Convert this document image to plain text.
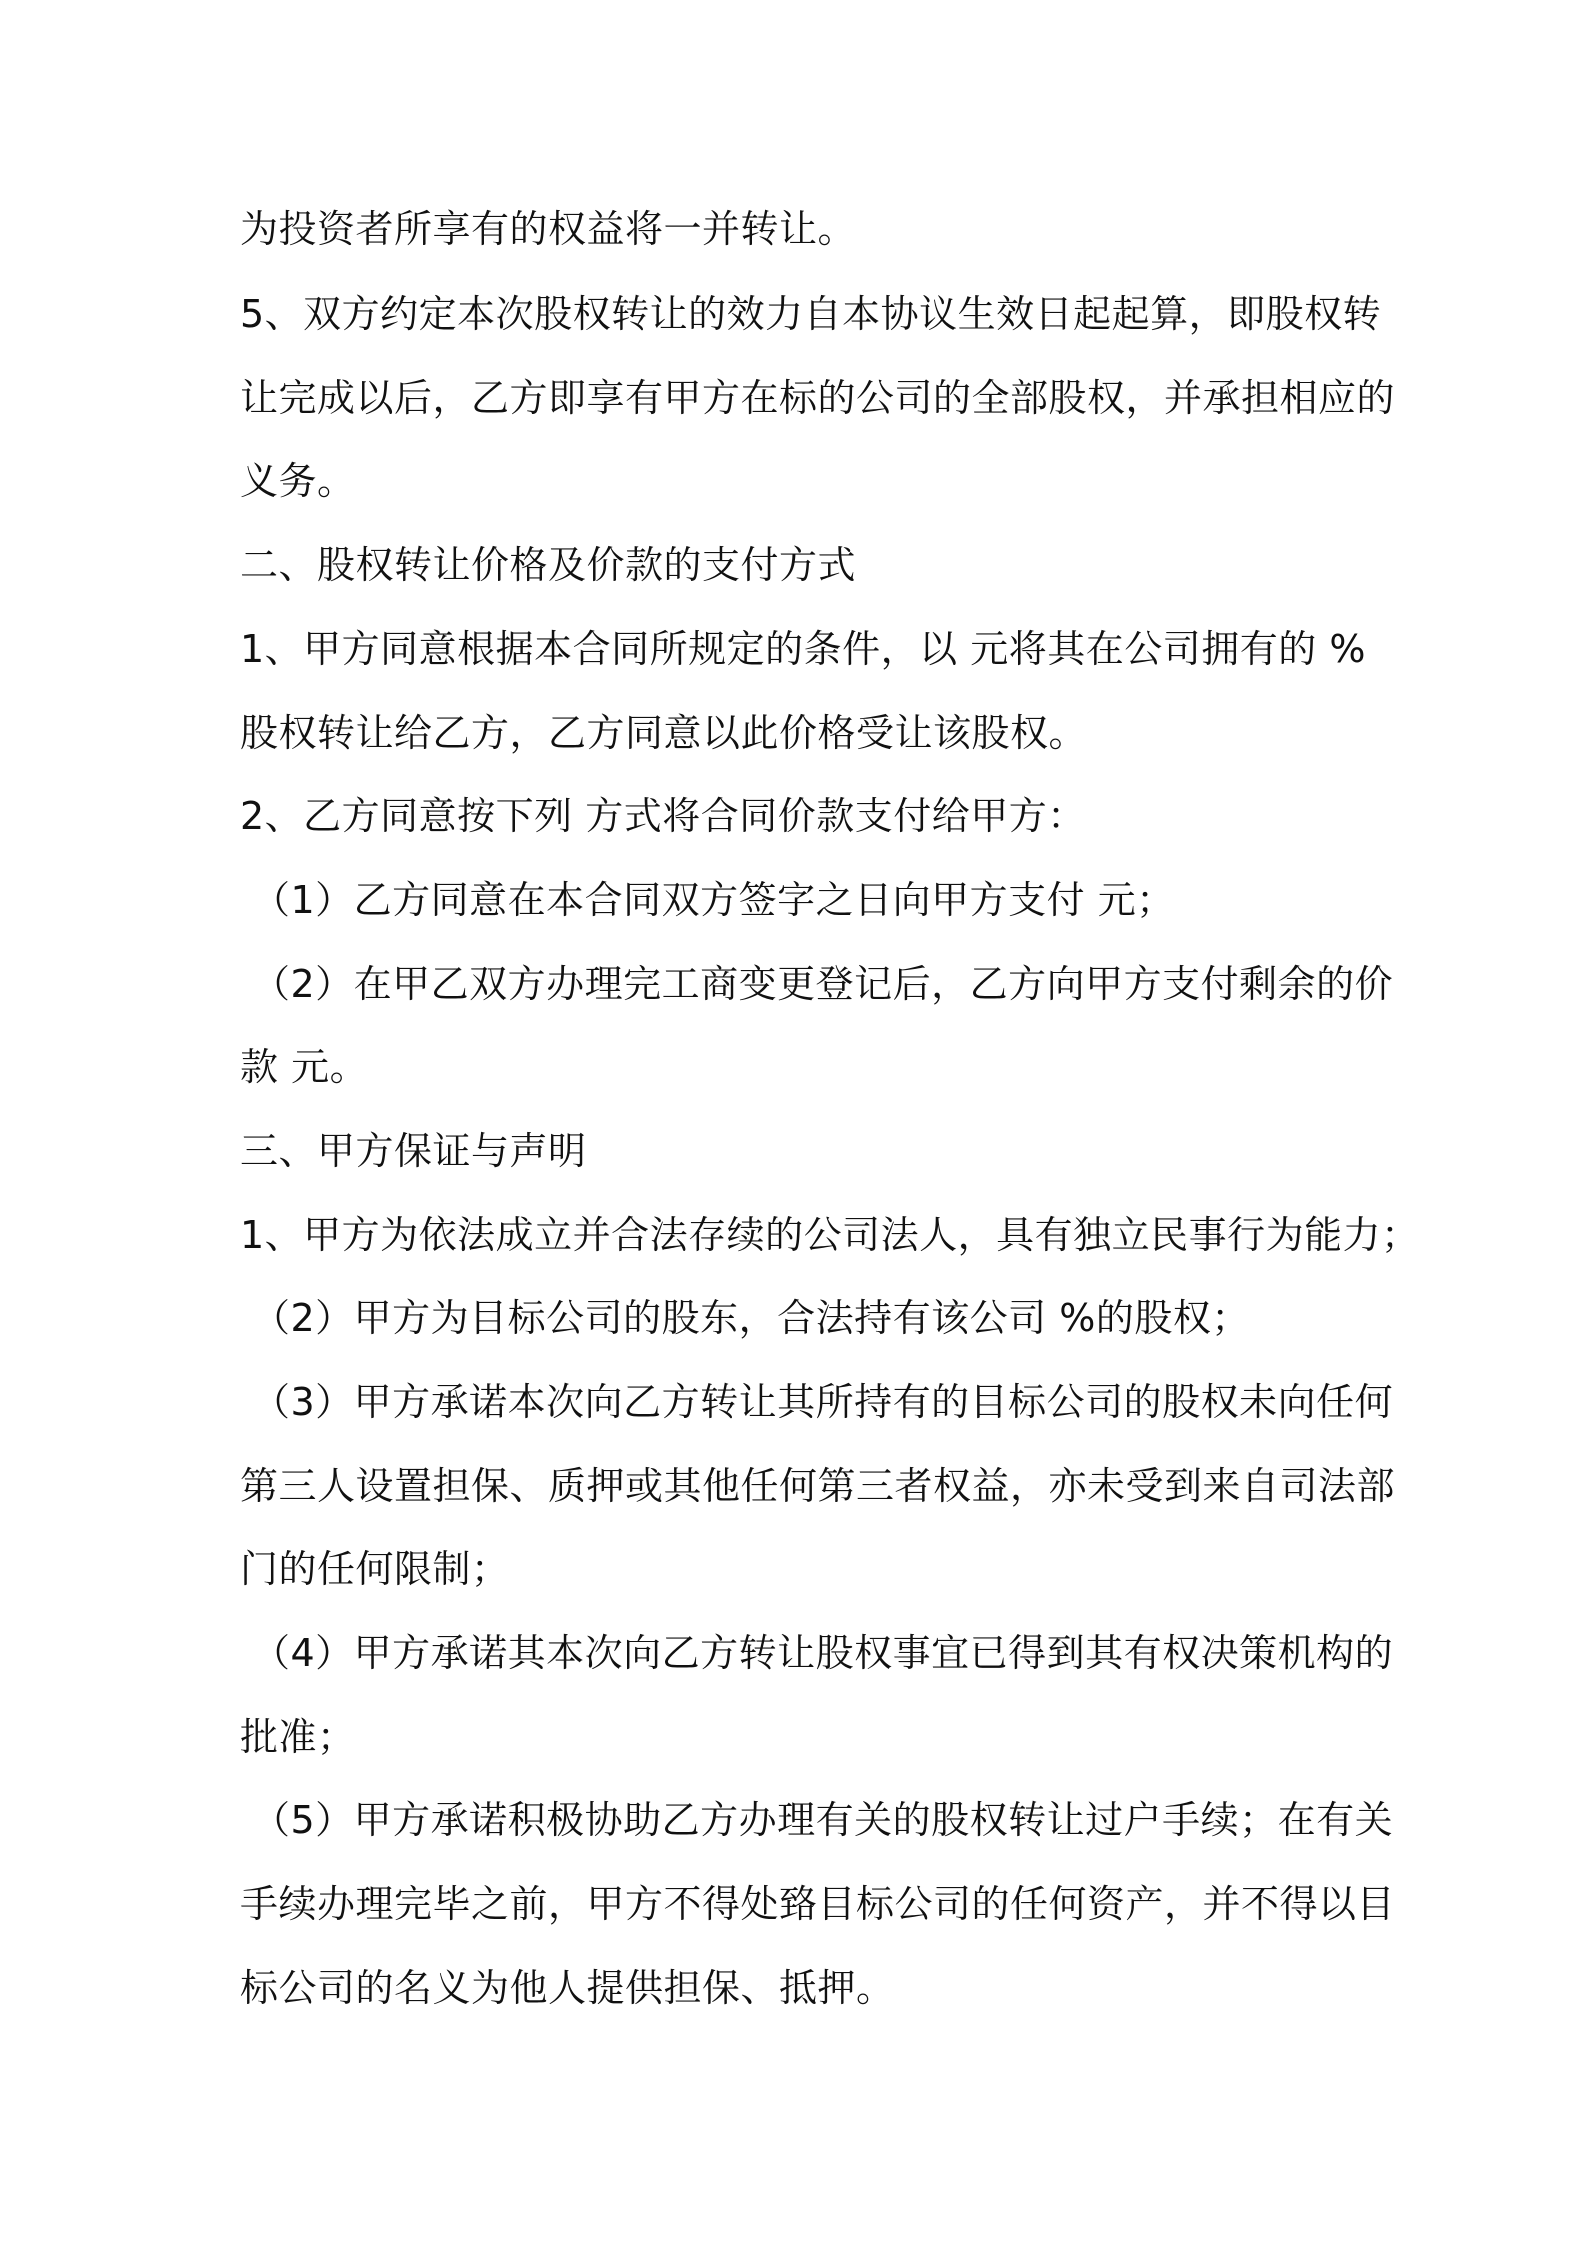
为投资者所享有的权益将一并转让。

5、双方约定本次股权转让的效力自本协议生效日起起算，即股权转

让完成以后，乙方即享有甲方在标的公司的全部股权，并承担相应的

义务。

二、股权转让价格及价款的支付方式

1、甲方同意根据本合同所规定的条件，以 元将其在公司拥有的 %

股权转让给乙方，乙方同意以此价格受让该股权。

2、乙方同意按下列 方式将合同价款支付给甲方：

（1）乙方同意在本合同双方签字之日向甲方支付 元；

（2）在甲乙双方办理完工商变更登记后，乙方向甲方支付剩余的价

款 元。

三、甲方保证与声明

1、甲方为依法成立并合法存续的公司法人，具有独立民事行为能力；

（2）甲方为目标公司的股东，合法持有该公司 %的股权；

（3）甲方承诺本次向乙方转让其所持有的目标公司的股权未向任何

第三人设置担保、质押或其他任何第三者权益，亦未受到来自司法部

门的任何限制；

（4）甲方承诺其本次向乙方转让股权事宜已得到其有权决策机构的

批准；

（5）甲方承诺积极协助乙方办理有关的股权转让过户手续；在有关

手续办理完毕之前，甲方不得处臵目标公司的任何资产，并不得以目

标公司的名义为他人提供担保、抵押。
